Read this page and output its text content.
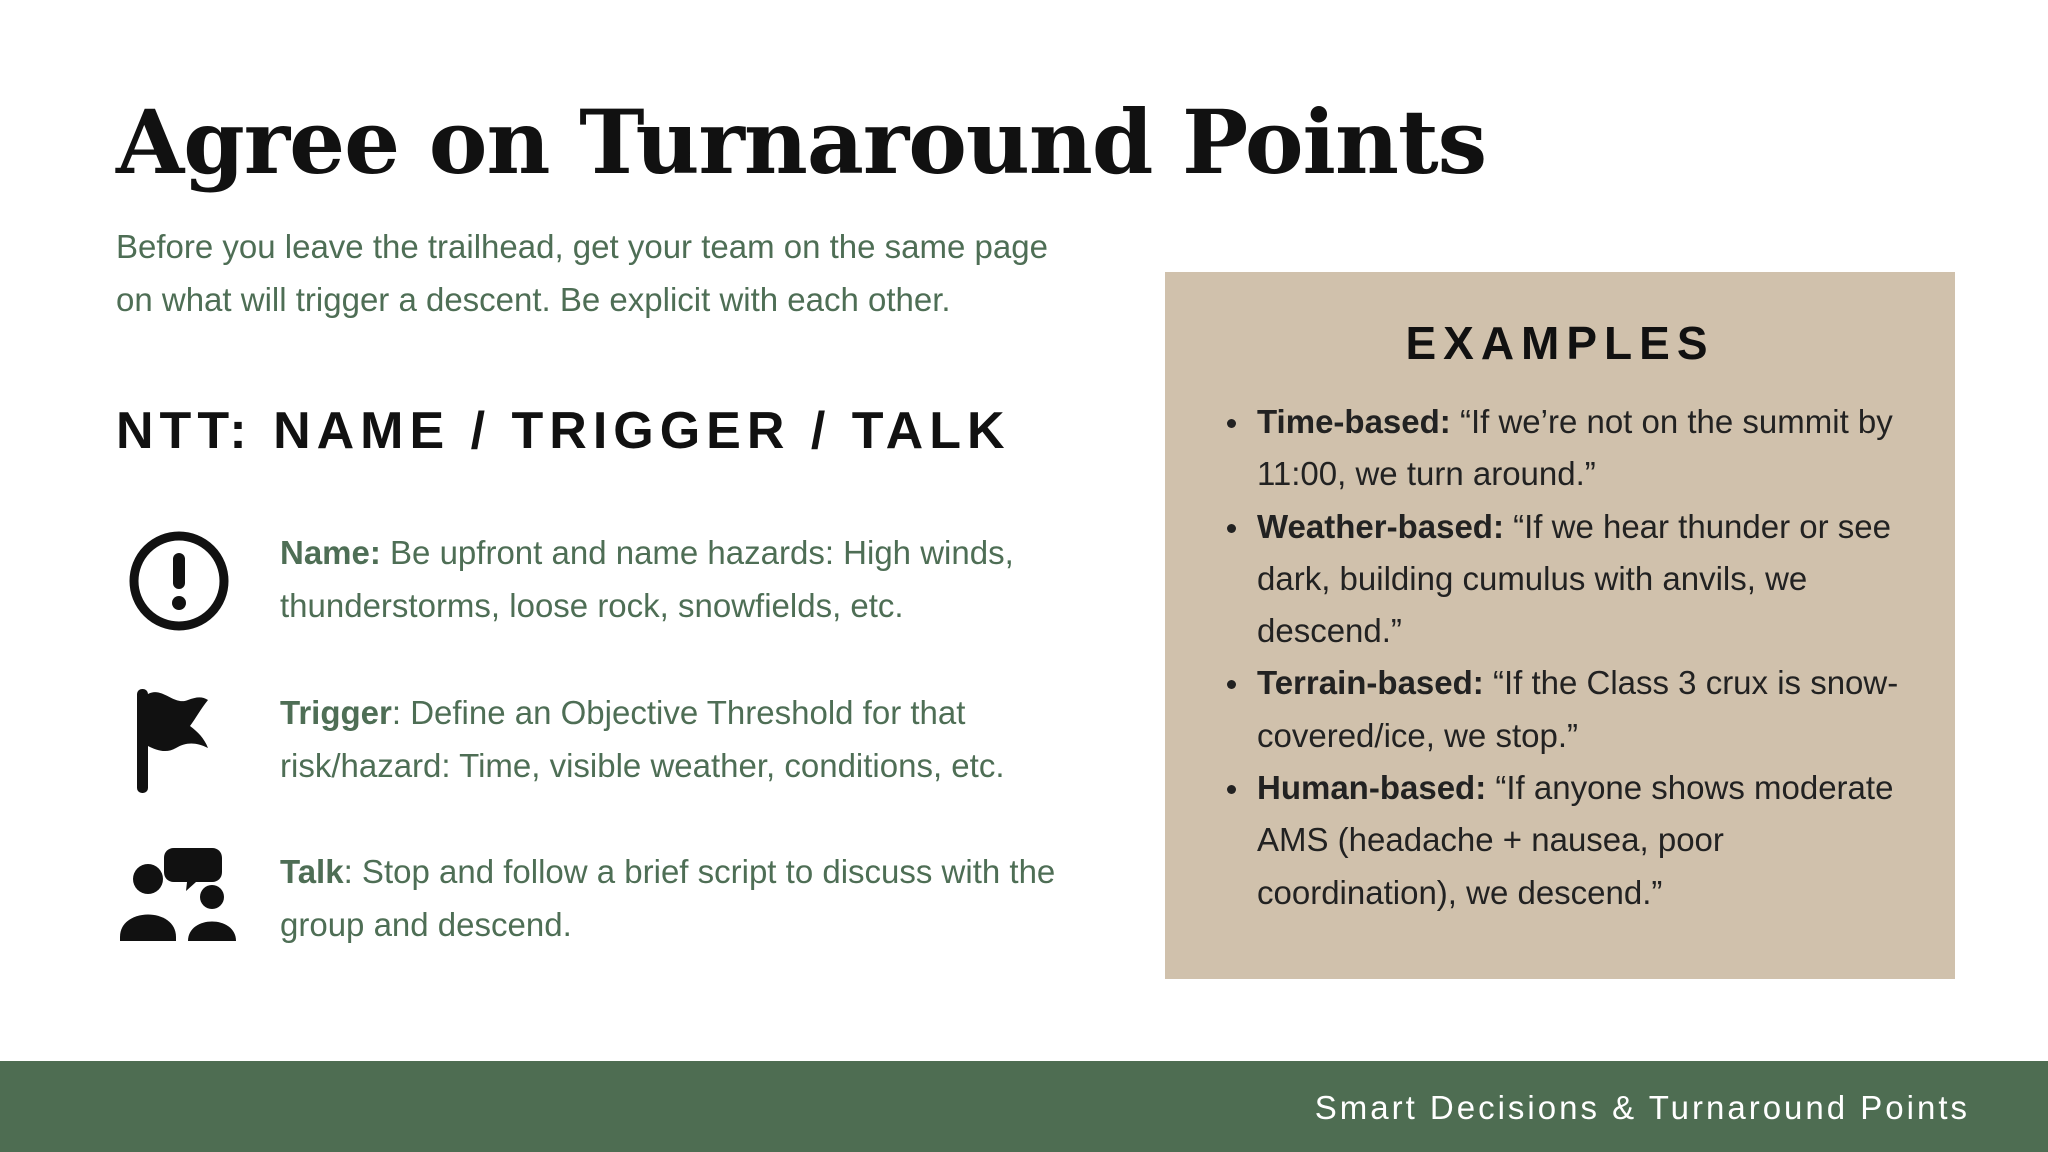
Agree on Turnaround Points

Before you leave the trailhead, get your team on the same page
on what will trigger a descent. Be explicit with each other.

NTT: NAME / TRIGGER / TALK

Name: Be upfront and name hazards: High winds,
thunderstorms, loose rock, snowfields, etc.

Trigger: Define an Objective Threshold for that
risk/hazard: Time, visible weather, conditions, etc.

Talk: Stop and follow a brief script to discuss with the
group and descend.

EXAMPLES
Time-based: “If we’re not on the summit by
11:00, we turn around.”
Weather-based: “If we hear thunder or see
dark, building cumulus with anvils, we
descend.”
Terrain-based: “If the Class 3 crux is snow-
covered/ice, we stop.”
Human-based: “If anyone shows moderate
AMS (headache + nausea, poor
coordination), we descend.”

Smart Decisions & Turnaround Points
